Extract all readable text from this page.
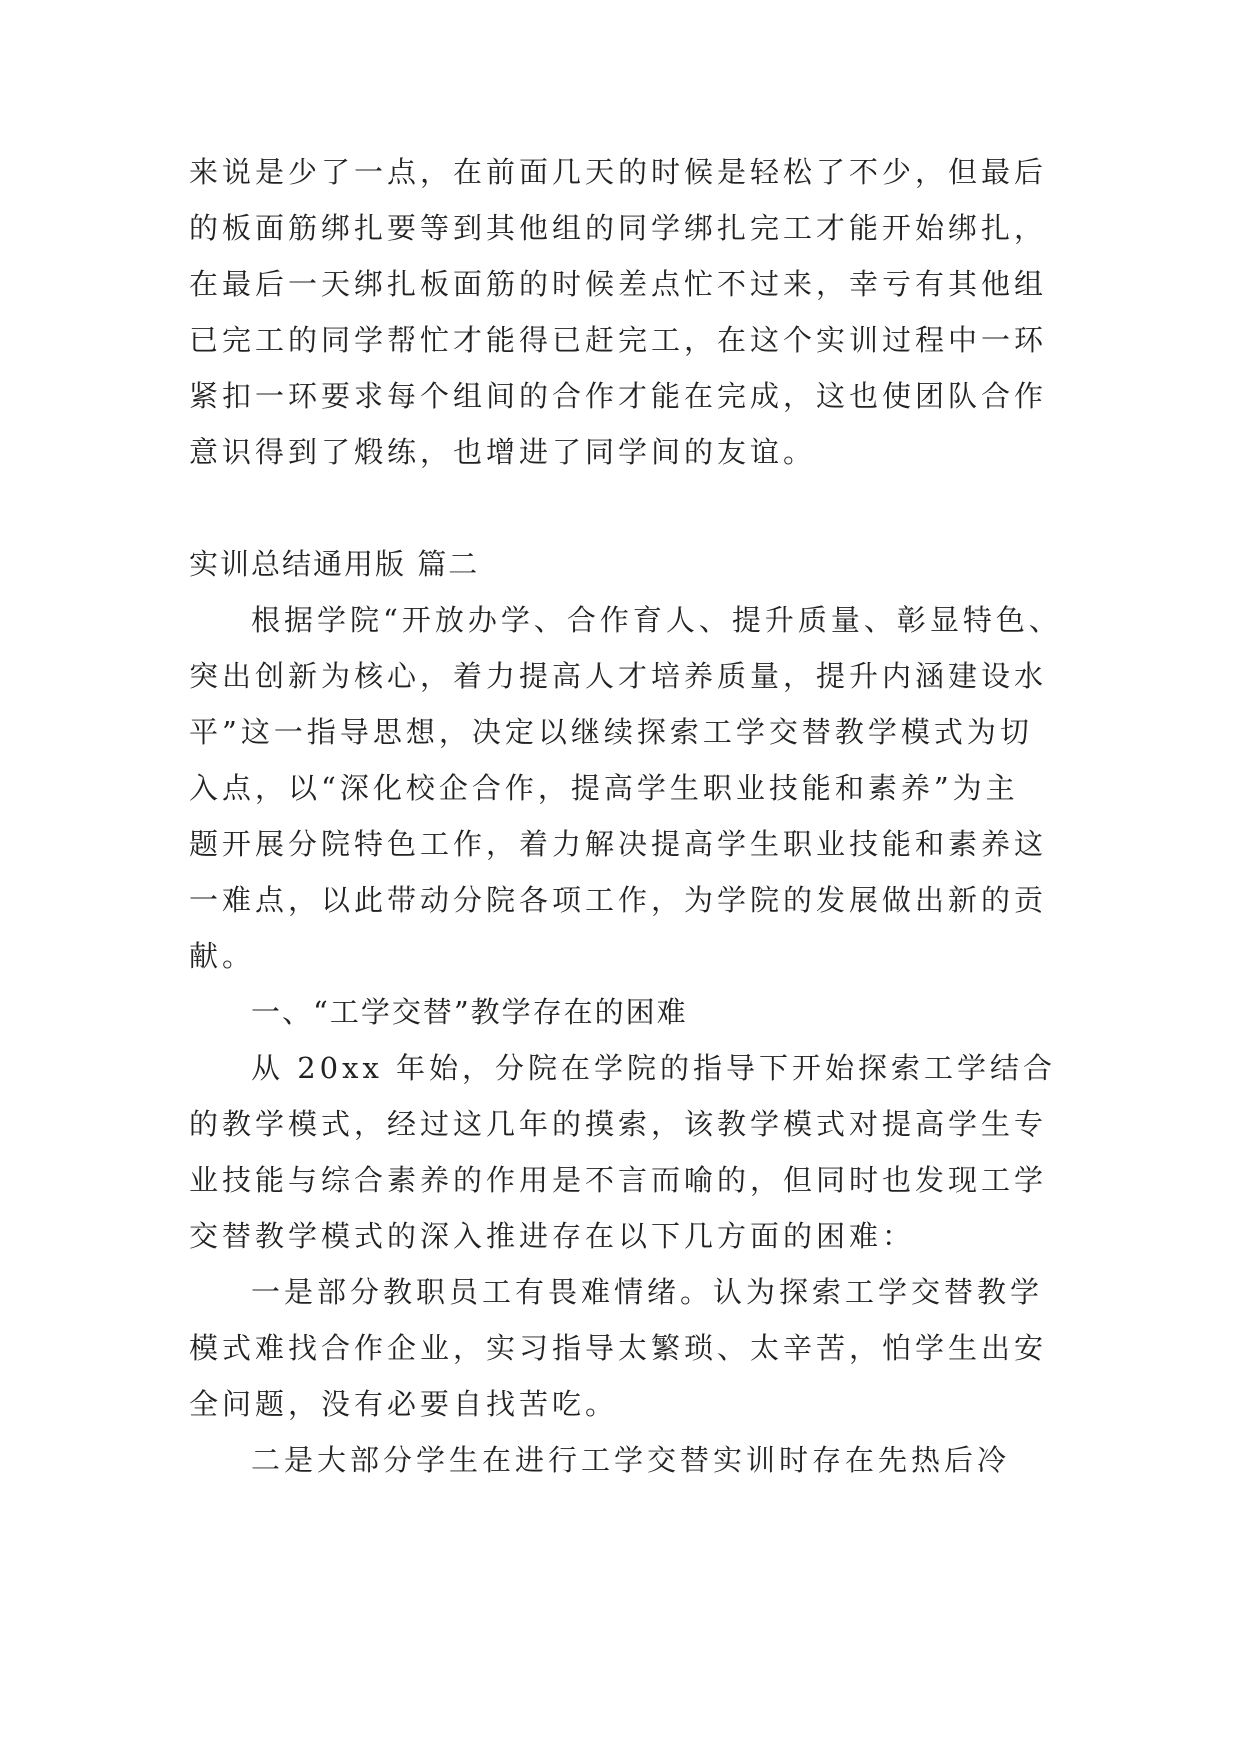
来说是少了一点，在前面几天的时候是轻松了不少，但最后

的板面筋绑扎要等到其他组的同学绑扎完工才能开始绑扎，

在最后一天绑扎板面筋的时候差点忙不过来，幸亏有其他组

已完工的同学帮忙才能得已赶完工，在这个实训过程中一环

紧扣一环要求每个组间的合作才能在完成，这也使团队合作

意识得到了煅练，也增进了同学间的友谊。

实训总结通用版 篇二

根据学院“开放办学、合作育人、提升质量、彰显特色、

突出创新为核心，着力提高人才培养质量，提升内涵建设水

平”这一指导思想，决定以继续探索工学交替教学模式为切

入点，以“深化校企合作，提高学生职业技能和素养”为主

题开展分院特色工作，着力解决提高学生职业技能和素养这

一难点，以此带动分院各项工作，为学院的发展做出新的贡

献。

一、“工学交替”教学存在的困难

从 20xx 年始，分院在学院的指导下开始探索工学结合

的教学模式，经过这几年的摸索，该教学模式对提高学生专

业技能与综合素养的作用是不言而喻的，但同时也发现工学

交替教学模式的深入推进存在以下几方面的困难：

一是部分教职员工有畏难情绪。认为探索工学交替教学

模式难找合作企业，实习指导太繁琐、太辛苦，怕学生出安

全问题，没有必要自找苦吃。

二是大部分学生在进行工学交替实训时存在先热后冷
